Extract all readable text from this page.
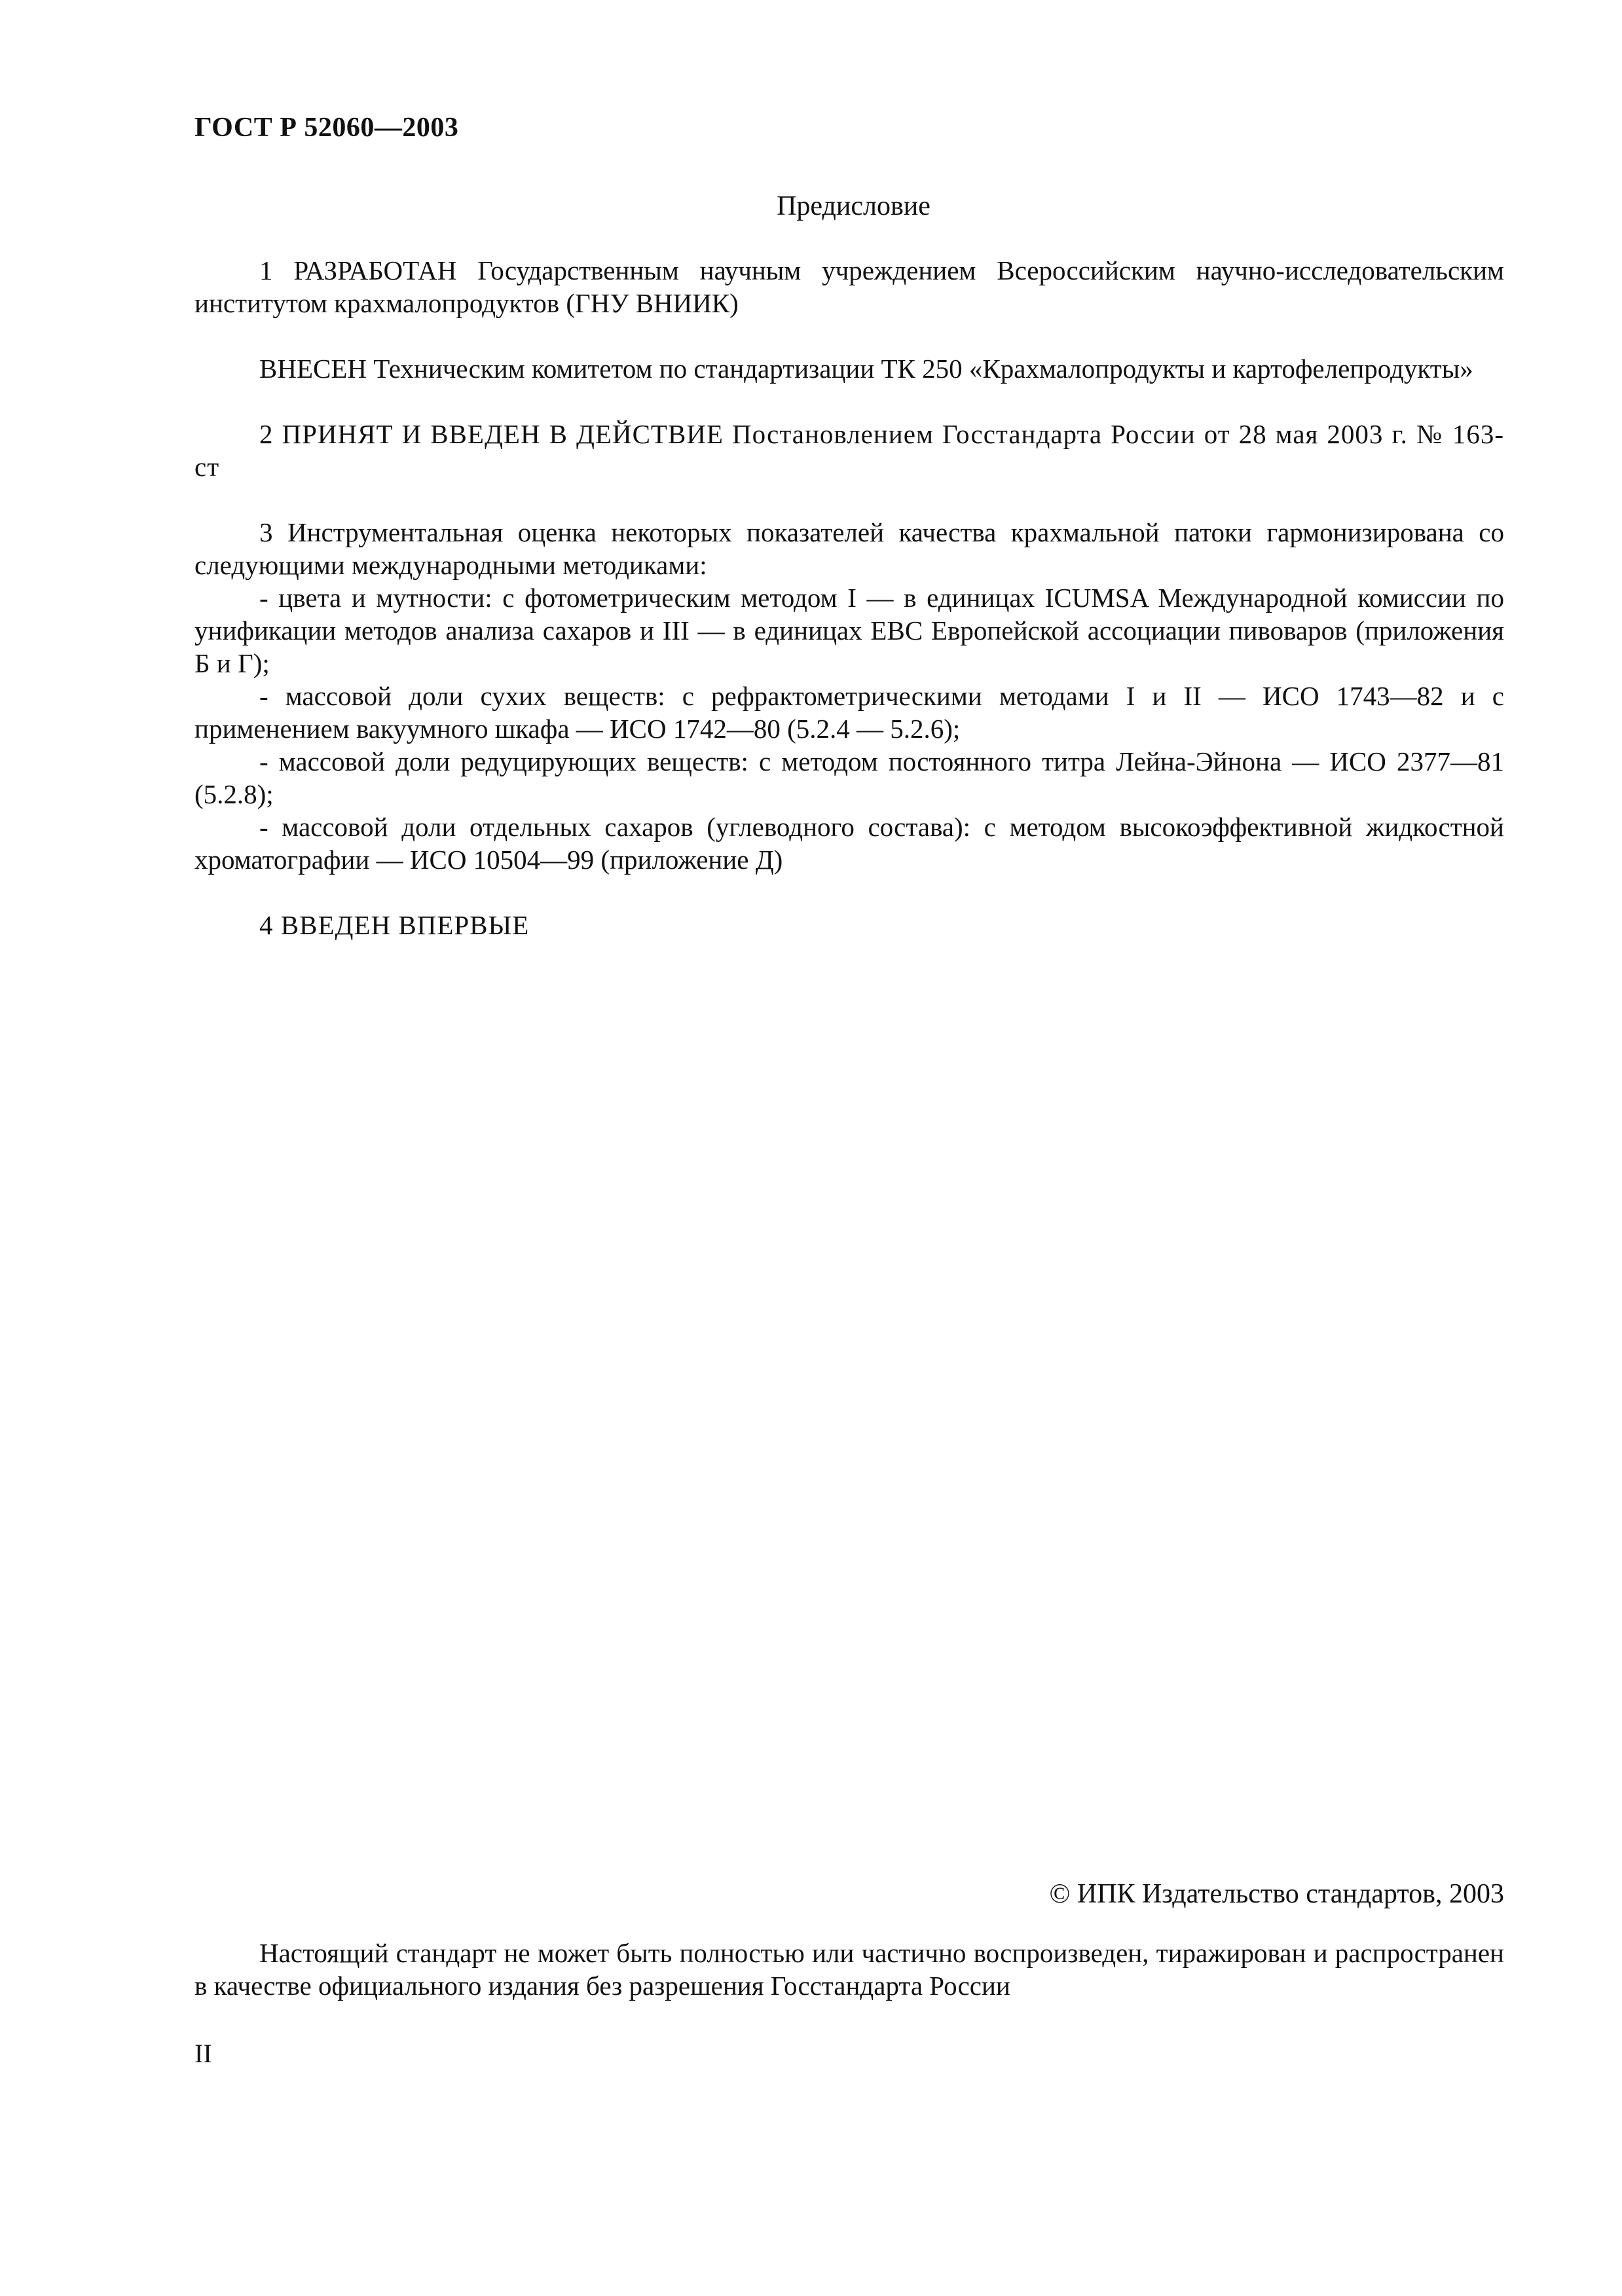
ГОСТ Р 52060—2003
Предисловие

1 РАЗРАБОТАН Государственным научным учреждением Всероссийским научно-исследовательским институтом крахмалопродуктов (ГНУ ВНИИК)

ВНЕСЕН Техническим комитетом по стандартизации ТК 250 «Крахмалопродукты и картофелепродукты»

2 ПРИНЯТ И ВВЕДЕН В ДЕЙСТВИЕ Постановлением Госстандарта России от 28 мая 2003 г. № 163-ст

3 Инструментальная оценка некоторых показателей качества крахмальной патоки гармонизирована со следующими международными методиками:

- цвета и мутности: с фотометрическим методом I — в единицах ICUMSA Международной комиссии по унификации методов анализа сахаров и III — в единицах ЕВС Европейской ассоциации пивоваров (приложения Б и Г);

- массовой доли сухих веществ: с рефрактометрическими методами I и II — ИСО 1743—82 и с применением вакуумного шкафа — ИСО 1742—80 (5.2.4 — 5.2.6);

- массовой доли редуцирующих веществ: с методом постоянного титра Лейна-Эйнона — ИСО 2377—81 (5.2.8);

- массовой доли отдельных сахаров (углеводного состава): с методом высокоэффективной жидкостной хроматографии — ИСО 10504—99 (приложение Д)

4 ВВЕДЕН ВПЕРВЫЕ

© ИПК Издательство стандартов, 2003
Настоящий стандарт не может быть полностью или частично воспроизведен, тиражирован и распространен в качестве официального издания без разрешения Госстандарта России
II
